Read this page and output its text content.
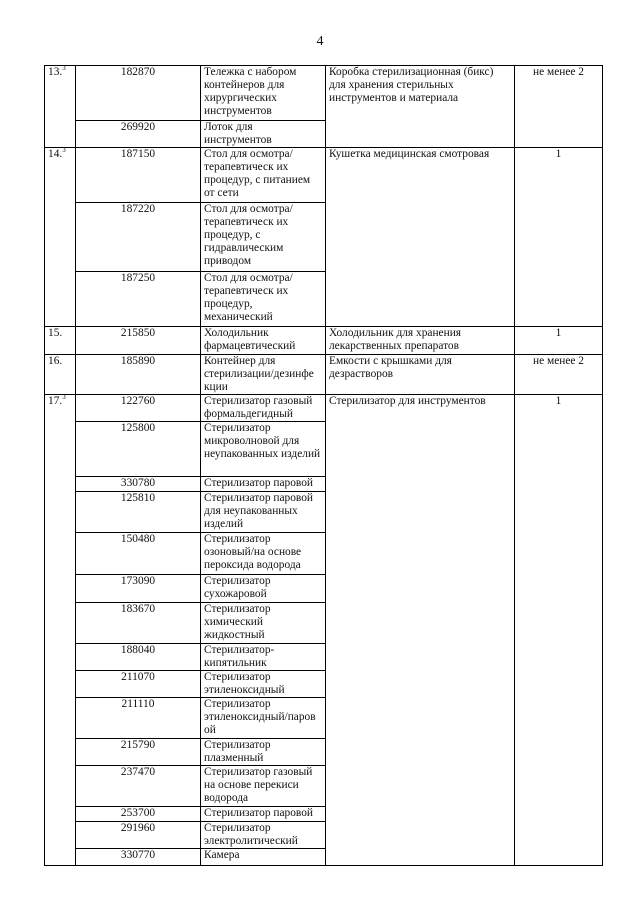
4
13.$^3$	182870	Тележка с набором контейнеров для хирургических инструментов	Коробка стерилизационная (бикс) для хранения стерильных инструментов и материала	не менее 2
	269920	Лоток для инструментов		
14.$^3$	187150	Стол для осмотра/терапевтическ их процедур, с питанием от сети	Кушетка медицинская смотровая	1
	187220	Стол для осмотра/терапевтическ их процедур, с гидравлическим приводом		
	187250	Стол для осмотра/терапевтическ их процедур, механический		
15.	215850	Холодильник фармацевтический	Холодильник для хранения лекарственных препаратов	1
16.	185890	Контейнер для стерилизации/дезинфе кции	Емкости с крышками для дезрастворов	не менее 2
17.$^3$	122760	Стерилизатор газовый формальдегидный	Стерилизатор для инструментов	1
	125800	Стерилизатор микроволновой для неупакованных изделий		
	330780	Стерилизатор паровой		
	125810	Стерилизатор паровой для неупакованных изделий		
	150480	Стерилизатор озоновый/на основе пероксида водорода		
	173090	Стерилизатор сухожаровой		
	183670	Стерилизатор химический жидкостный		
	188040	Стерилизатор-кипятильник		
	211070	Стерилизатор этиленоксидный		
	211110	Стерилизатор этиленоксидный/паров ой		
	215790	Стерилизатор плазменный		
	237470	Стерилизатор газовый на основе перекиси водорода		
	253700	Стерилизатор паровой		
	291960	Стерилизатор электролитический		
	330770	Камера		
